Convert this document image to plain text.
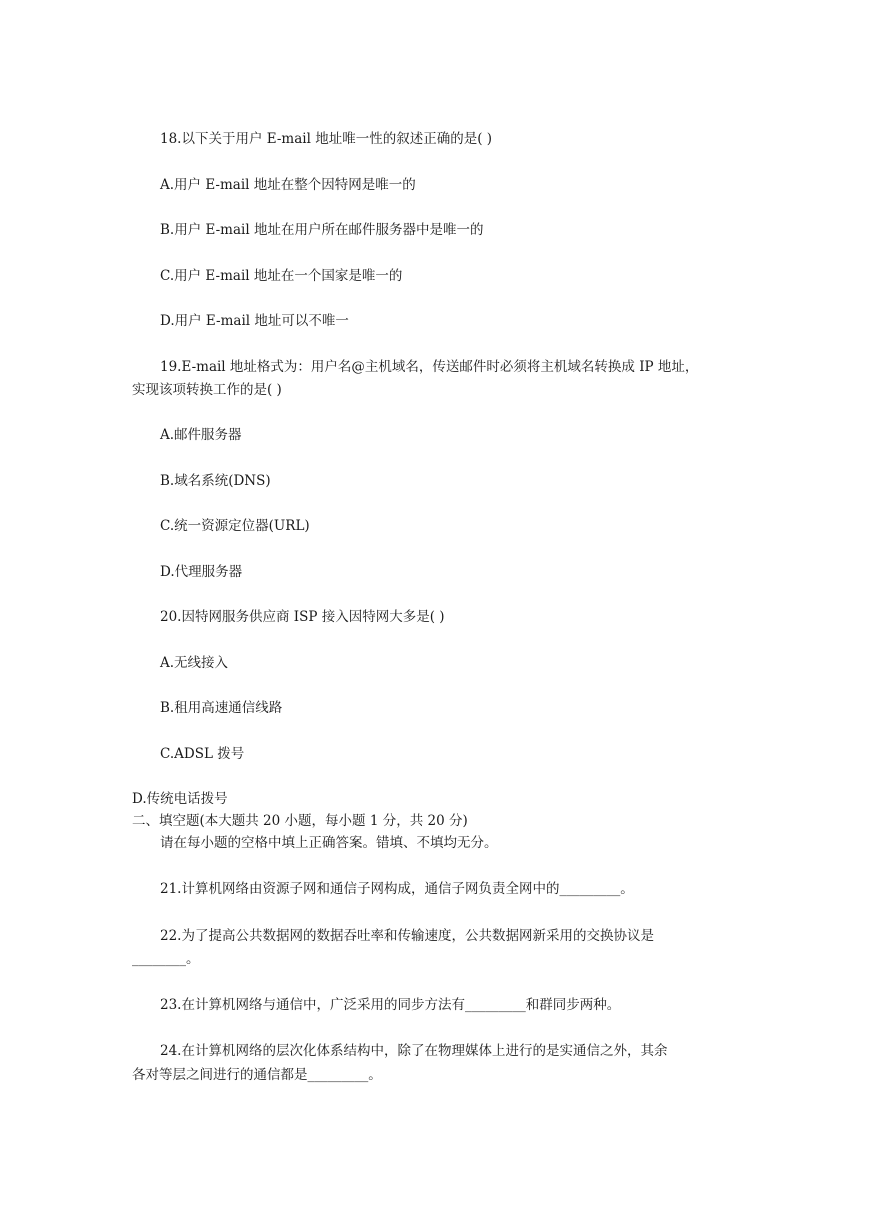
18.以下关于用户 E-mail 地址唯一性的叙述正确的是( )
A.用户 E-mail 地址在整个因特网是唯一的
B.用户 E-mail 地址在用户所在邮件服务器中是唯一的
C.用户 E-mail 地址在一个国家是唯一的
D.用户 E-mail 地址可以不唯一
19.E-mail 地址格式为：用户名@主机域名，传送邮件时必须将主机域名转换成 IP 地址，
实现该项转换工作的是( )
A.邮件服务器
B.域名系统(DNS)
C.统一资源定位器(URL)
D.代理服务器
20.因特网服务供应商 ISP 接入因特网大多是( )
A.无线接入
B.租用高速通信线路
C.ADSL 拨号
D.传统电话拨号
二、填空题(本大题共 20 小题，每小题 1 分，共 20 分)
请在每小题的空格中填上正确答案。错填、不填均无分。
21.计算机网络由资源子网和通信子网构成，通信子网负责全网中的_________。
22.为了提高公共数据网的数据吞吐率和传输速度，公共数据网新采用的交换协议是
________。
23.在计算机网络与通信中，广泛采用的同步方法有_________和群同步两种。
24.在计算机网络的层次化体系结构中，除了在物理媒体上进行的是实通信之外，其余
各对等层之间进行的通信都是_________。
